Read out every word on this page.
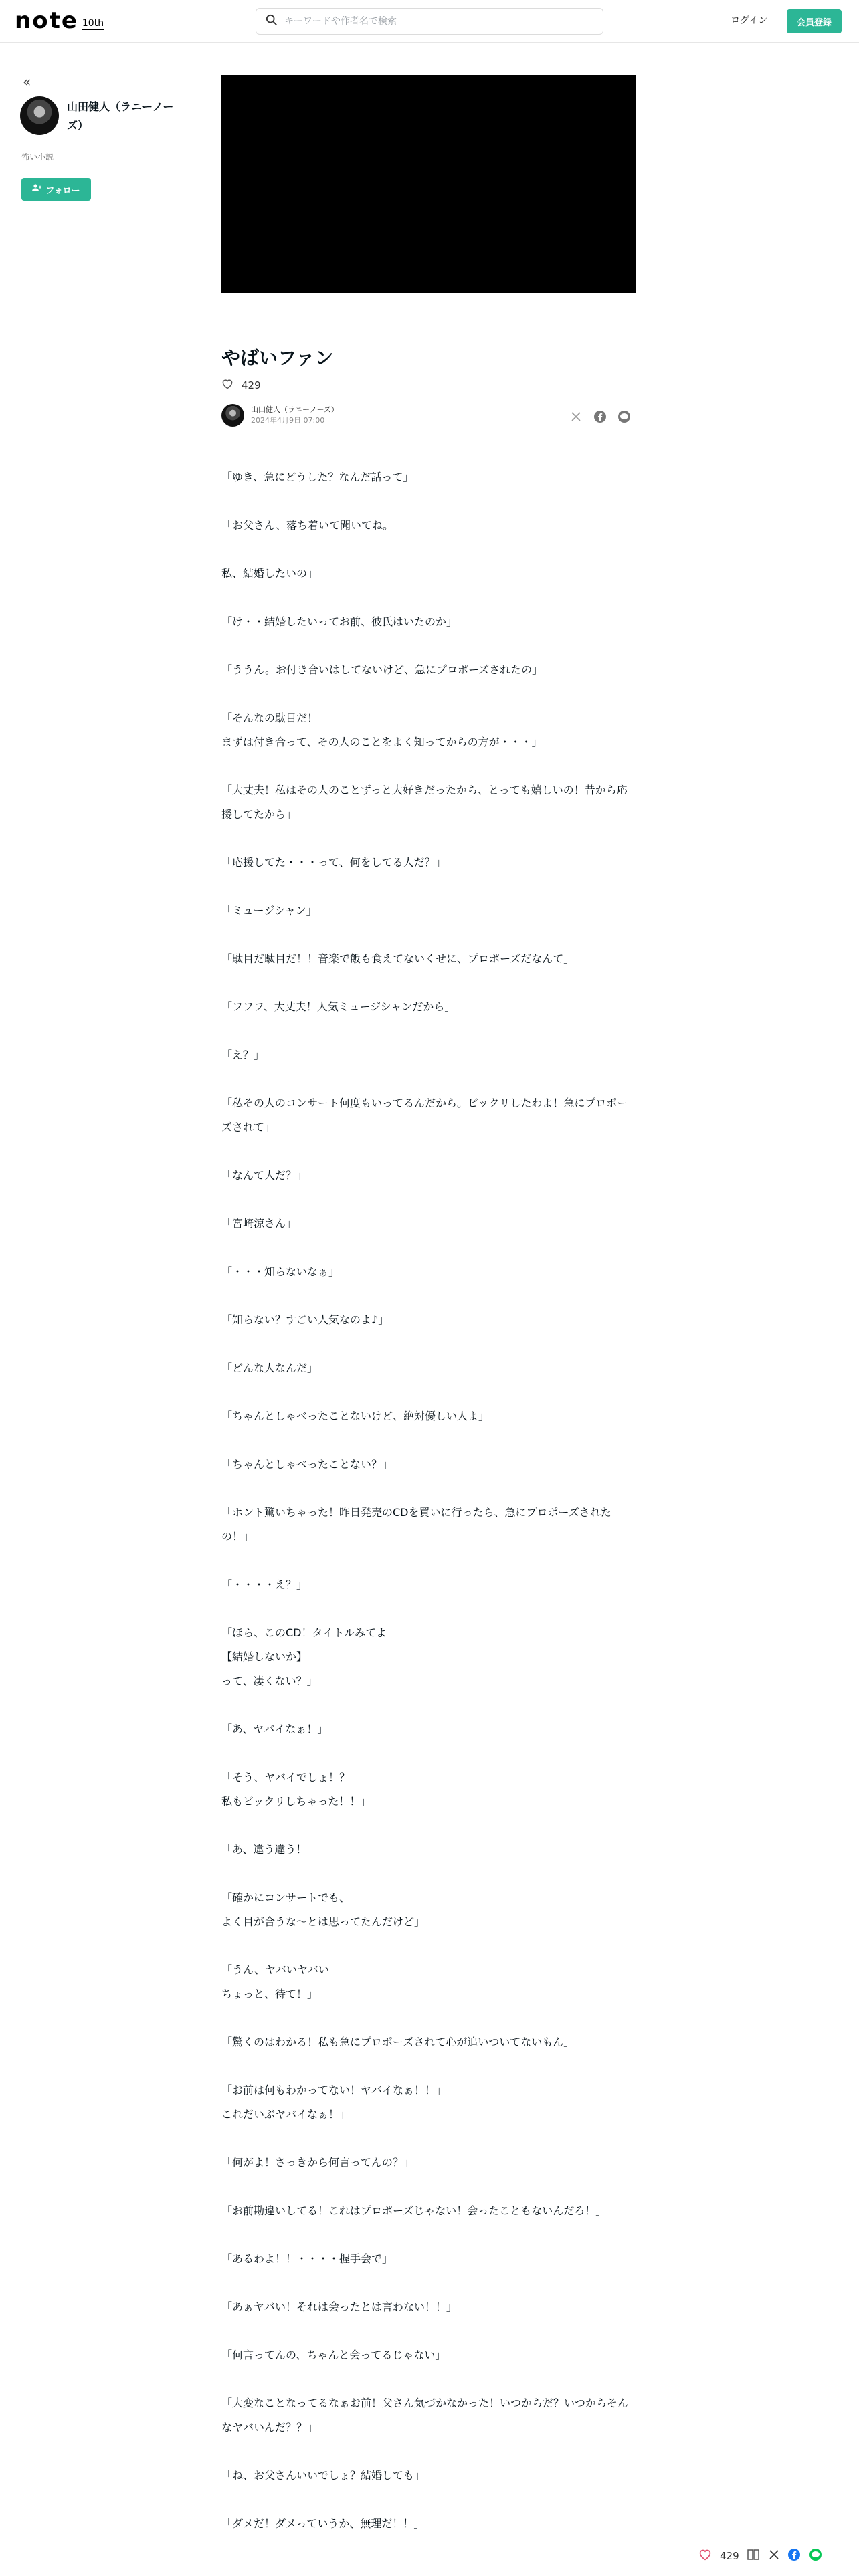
note 10th
キーワードや作者名で検索	ログイン	会員登録
«
山田健人（ラニーノーズ）
怖い小説
フォロー
やばいファン
429
山田健人（ラニーノーズ）
2024年4月9日 07:00

「ゆき、急にどうした？なんだ話って」

「お父さん、落ち着いて聞いてね。

私、結婚したいの」

「け・・結婚したいってお前、彼氏はいたのか」

「ううん。お付き合いはしてないけど、急にプロポーズされたの」

「そんなの駄目だ！
まずは付き合って、その人のことをよく知ってからの方が・・・」

「大丈夫！私はその人のことずっと大好きだったから、とっても嬉しいの！昔から応援してたから」

「応援してた・・・って、何をしてる人だ？」

「ミュージシャン」

「駄目だ駄目だ！！音楽で飯も食えてないくせに、プロポーズだなんて」

「フフフ、大丈夫！人気ミュージシャンだから」

「え？」

「私その人のコンサート何度もいってるんだから。ビックリしたわよ！急にプロポーズされて」

「なんて人だ？」

「宮崎涼さん」

「・・・知らないなぁ」

「知らない？すごい人気なのよ♪」

「どんな人なんだ」

「ちゃんとしゃべったことないけど、絶対優しい人よ」

「ちゃんとしゃべったことない？」

「ホント驚いちゃった！昨日発売のCDを買いに行ったら、急にプロポーズされたの！」

「・・・・え？」

「ほら、このCD！タイトルみてよ
【結婚しないか】
って、凄くない？」

「あ、ヤバイなぁ！」

「そう、ヤバイでしょ！？
私もビックリしちゃった！！」

「あ、違う違う！」

「確かにコンサートでも、
よく目が合うな〜とは思ってたんだけど」

「うん、ヤバいヤバい
ちょっと、待て！」

「驚くのはわかる！私も急にプロポーズされて心が追いついてないもん」

「お前は何もわかってない！ヤバイなぁ！！」
これだいぶヤバイなぁ！」

「何がよ！さっきから何言ってんの？」

「お前勘違いしてる！これはプロポーズじゃない！会ったこともないんだろ！」

「あるわよ！！・・・・握手会で」

「あぁヤバい！それは会ったとは言わない！！」

「何言ってんの、ちゃんと会ってるじゃない」

「大変なことなってるなぁお前！父さん気づかなかった！いつからだ？いつからそんなヤバいんだ？？」

「ね、お父さんいいでしょ？結婚しても」

「ダメだ！ダメっていうか、無理だ！！」

429
